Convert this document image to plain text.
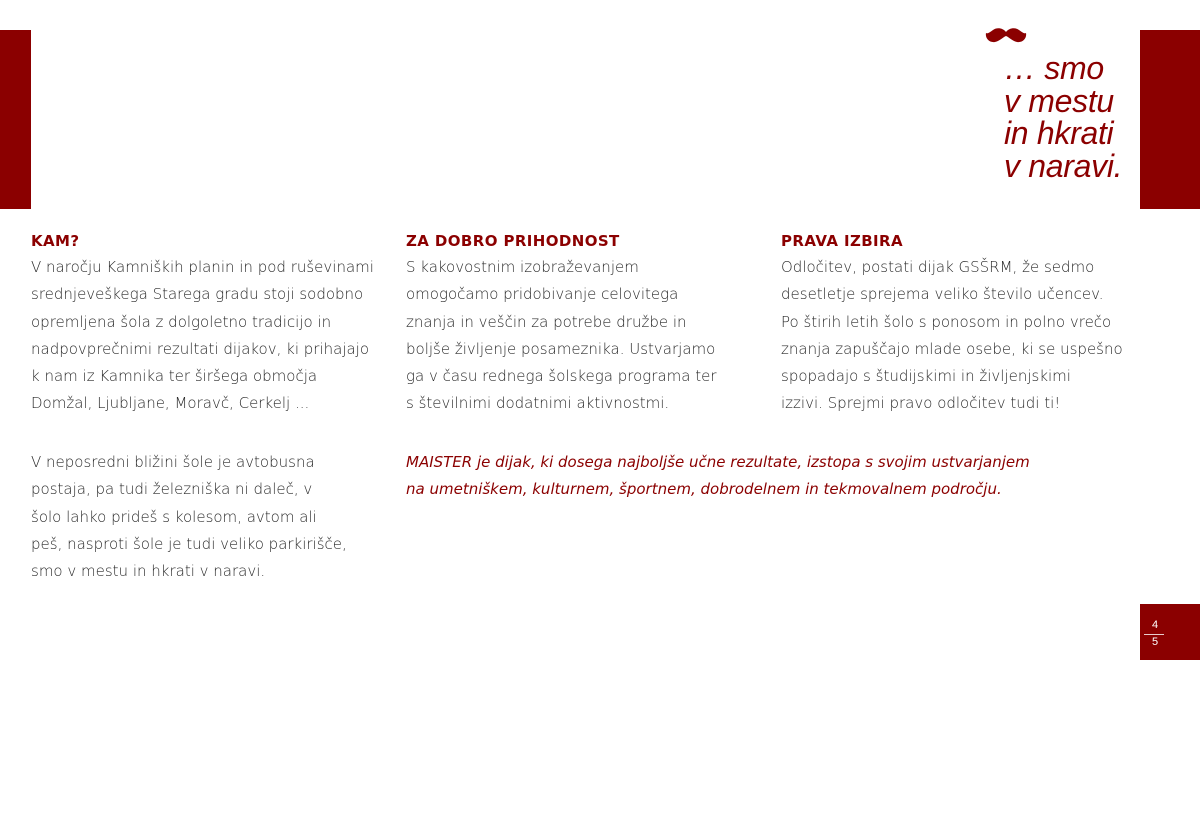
… smo
v mestu
in hkrati
v naravi.
KAM?
V naročju Kamniških planin in pod ruševinami
srednjeveškega Starega gradu stoji sodobno
opremljena šola z dolgoletno tradicijo in
nadpovprečnimi rezultati dijakov, ki prihajajo
k nam iz Kamnika ter širšega območja
Domžal, Ljubljane, Moravč, Cerkelj ...
ZA DOBRO PRIHODNOST
S kakovostnim izobraževanjem
omogočamo pridobivanje celovitega
znanja in veščin za potrebe družbe in
boljše življenje posameznika. Ustvarjamo
ga v času rednega šolskega programa ter
s številnimi dodatnimi aktivnostmi.
PRAVA IZBIRA
Odločitev, postati dijak GSŠRM, že sedmo
desetletje sprejema veliko število učencev.
Po štirih letih šolo s ponosom in polno vrečo
znanja zapuščajo mlade osebe, ki se uspešno
spopadajo s študijskimi in življenjskimi
izzivi. Sprejmi pravo odločitev tudi ti!
V neposredni bližini šole je avtobusna
postaja, pa tudi železniška ni daleč, v
šolo lahko prideš s kolesom, avtom ali
peš, nasproti šole je tudi veliko parkirišče,
smo v mestu in hkrati v naravi.
MAISTER je dijak, ki dosega najboljše učne rezultate, izstopa s svojim ustvarjanjem
na umetniškem, kulturnem, športnem, dobrodelnem in tekmovalnem področju.
4
5
